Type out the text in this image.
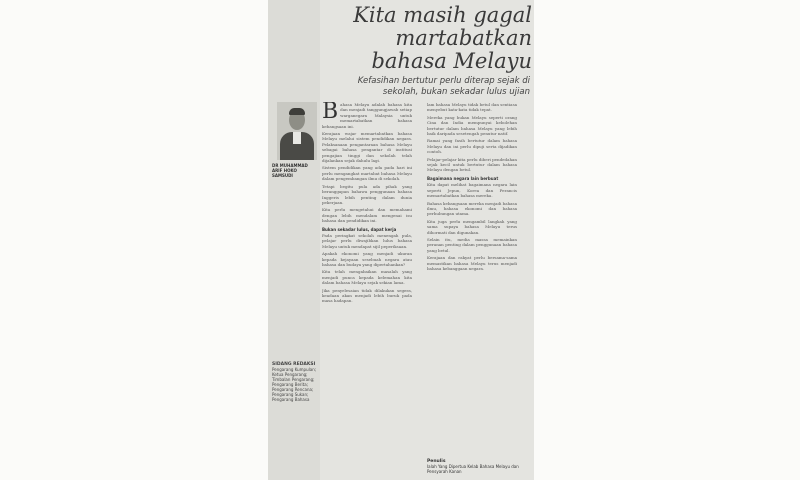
Kita masih gagal martabatkan bahasa Melayu
Kefasihan bertutur perlu diterap sejak di sekolah, bukan sekadar lulus ujian
DR MUHAMMAD ARIF HOKO SAMSUDI
SIDANG REDAKSI
Pengarang Kumpulan; Ketua Pengarang; Timbalan Pengarang; Pengarang Berita; Pengarang Rencana; Pengarang Sukan; Pengarang Bahasa

Bahasa Melayu adalah bahasa kita dan menjadi tanggungjawab setiap warganegara Malaysia untuk memartabatkan bahasa kebangsaan ini.

Kerajaan wajar memartabatkan bahasa Melayu melalui sistem pendidikan negara. Pelaksanaan pengantaraan bahasa Melayu sebagai bahasa pengantar di institusi pengajian tinggi dan sekolah telah dijalankan sejak dahulu lagi.

Sistem pendidikan yang ada pada hari ini perlu mengangkat martabat bahasa Melayu dalam pengembangan ilmu di sekolah.

Tetapi begitu pula ada pihak yang beranggapan bahawa penggunaan bahasa Inggeris lebih penting dalam dunia pekerjaan.

Kita perlu mengetahui dan memahami dengan lebih mendalam mengenai isu bahasa dan pendidikan ini.

Bukan sekadar lulus, dapat kerja

Pada peringkat sekolah menengah pula, pelajar perlu diwajibkan lulus bahasa Melayu untuk mendapat sijil peperiksaan.

Apakah ekonomi yang menjadi ukuran kepada kejayaan sesebuah negara atau bahasa dan budaya yang dipertahankan?

Kita telah mengabaikan masalah yang menjadi punca kepada kelemahan kita dalam bahasa Melayu sejak sekian lama.

Jika penyelesaian tidak dilakukan segera, keadaan akan menjadi lebih buruk pada masa hadapan.

lam bahasa Melayu tidak betul dan sentiasa menyebut kata-kata tidak tepat.

Mereka yang bukan Melayu seperti orang Cina dan India mempunyai kebolehan bertutur dalam bahasa Melayu yang lebih baik daripada sesetengah penutur natif.

Ramai yang fasih bertutur dalam bahasa Melayu dan ini perlu dipuji serta dijadikan contoh.

Pelajar-pelajar kita perlu diberi pendedahan sejak kecil untuk bertutur dalam bahasa Melayu dengan betul.

Bagaimana negara lain berbuat

Kita dapat melihat bagaimana negara lain seperti Jepun, Korea dan Perancis memartabatkan bahasa mereka.

Bahasa kebangsaan mereka menjadi bahasa ilmu, bahasa ekonomi dan bahasa perhubungan utama.

Kita juga perlu mengambil langkah yang sama supaya bahasa Melayu terus dihormati dan digunakan.

Selain itu, media massa memainkan peranan penting dalam penggunaan bahasa yang betul.

Kerajaan dan rakyat perlu bersama-sama memastikan bahasa Melayu terus menjadi bahasa kebanggaan negara.

Penulis
Ialah Yang Dipertua Kelab Bahasa Melayu dan Pensyarah Kanan
